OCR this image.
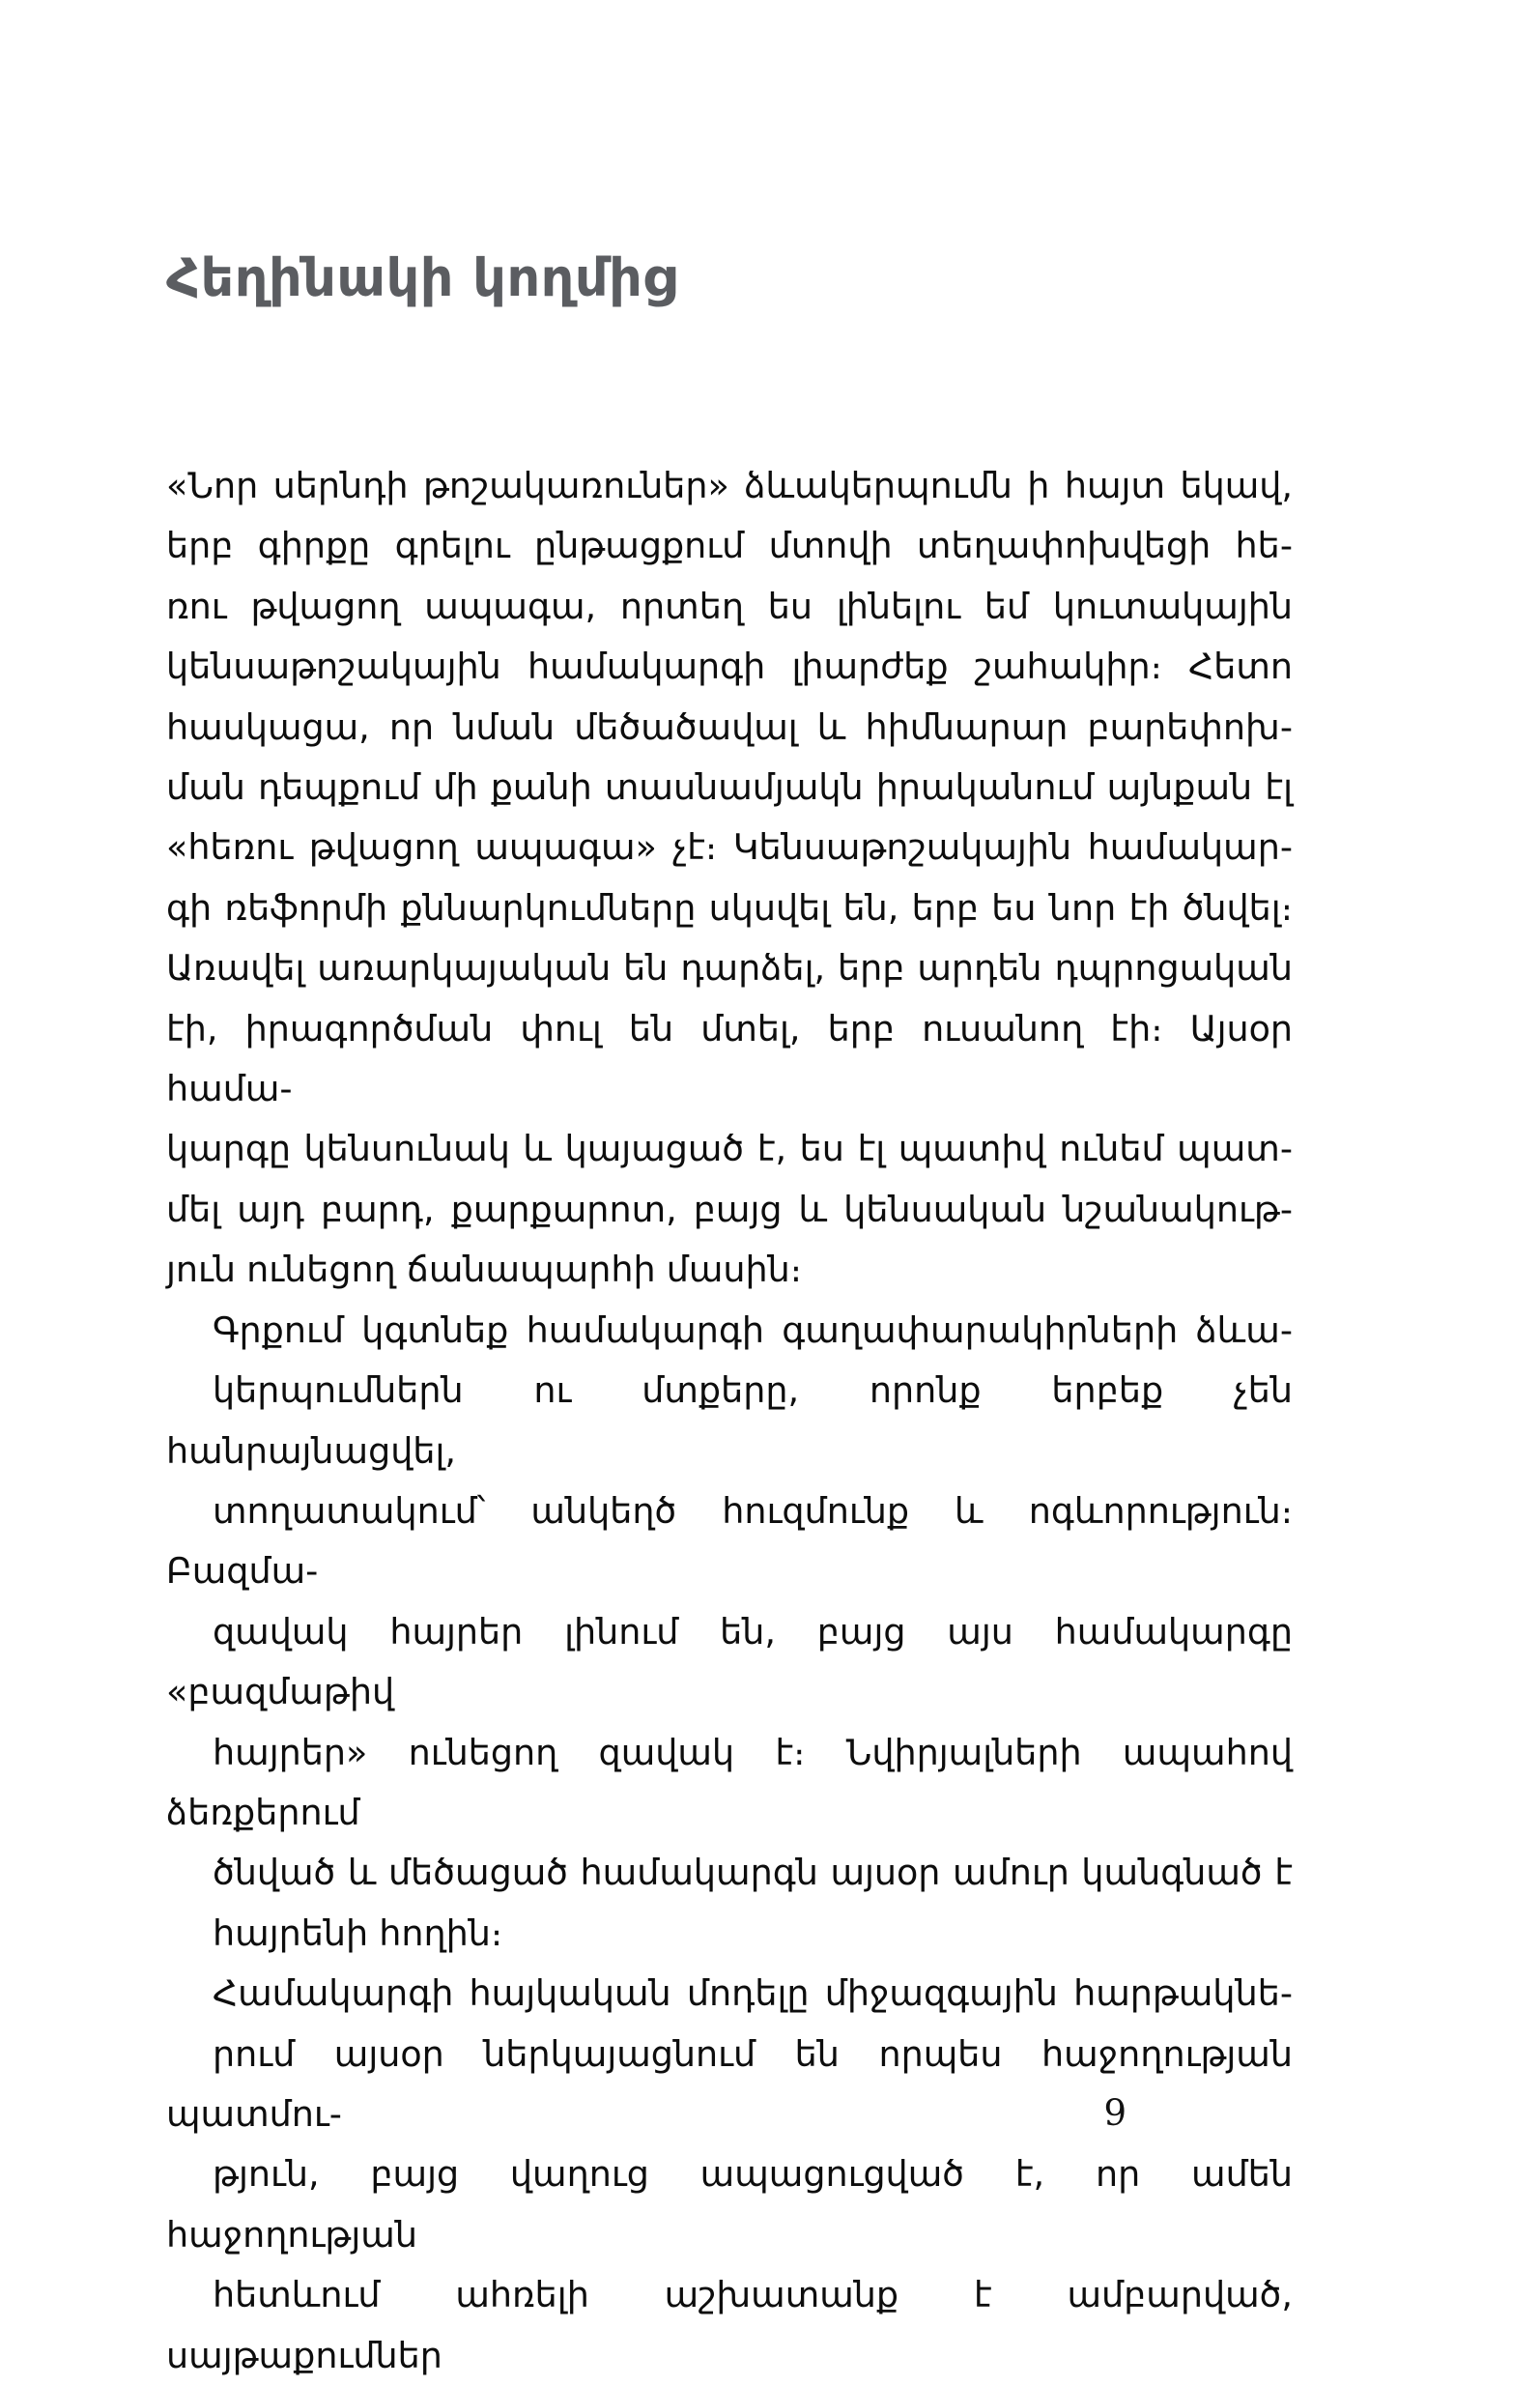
Հեղինակի կողմից

«Նոր սերնդի թոշակառուներ» ձևակերպումն ի հայտ եկավ,
երբ գիրքը գրելու ընթացքում մտովի տեղափոխվեցի հե-
ռու թվացող ապագա, որտեղ ես լինելու եմ կուտակային
կենսաթոշակային համակարգի լիարժեք շահակիր։ Հետո
հասկացա, որ նման մեծածավալ և հիմնարար բարեփոխ-
ման դեպքում մի քանի տասնամյակն իրականում այնքան էլ
«հեռու թվացող ապագա» չէ։ Կենսաթոշակային համակար-
գի ռեֆորմի քննարկումները սկսվել են, երբ ես նոր էի ծնվել։
Առավել առարկայական են դարձել, երբ արդեն դպրոցական
էի, իրագործման փուլ են մտել, երբ ուսանող էի։ Այսօր համա-
կարգը կենսունակ և կայացած է, ես էլ պատիվ ունեմ պատ-
մել այդ բարդ, քարքարոտ, բայց և կենսական նշանակութ-
յուն ունեցող ճանապարհի մասին։

Գրքում կգտնեք համակարգի գաղափարակիրների ձևա-
կերպումներն ու մտքերը, որոնք երբեք չեն հանրայնացվել,
տողատակում՝ անկեղծ հուզմունք և ոգևորություն։ Բազմա-
զավակ հայրեր լինում են, բայց այս համակարգը «բազմաթիվ
հայրեր» ունեցող զավակ է։ Նվիրյալների ապահով ձեռքերում
ծնված և մեծացած համակարգն այսօր ամուր կանգնած է
հայրենի հողին։

Համակարգի հայկական մոդելը միջազգային հարթակնե-
րում այսօր ներկայացնում են որպես հաջողության պատմու-
թյուն, բայց վաղուց ապացուցված է, որ ամեն հաջողության
հետևում ահռելի աշխատանք է ամբարված, սայթաքումներ

9
